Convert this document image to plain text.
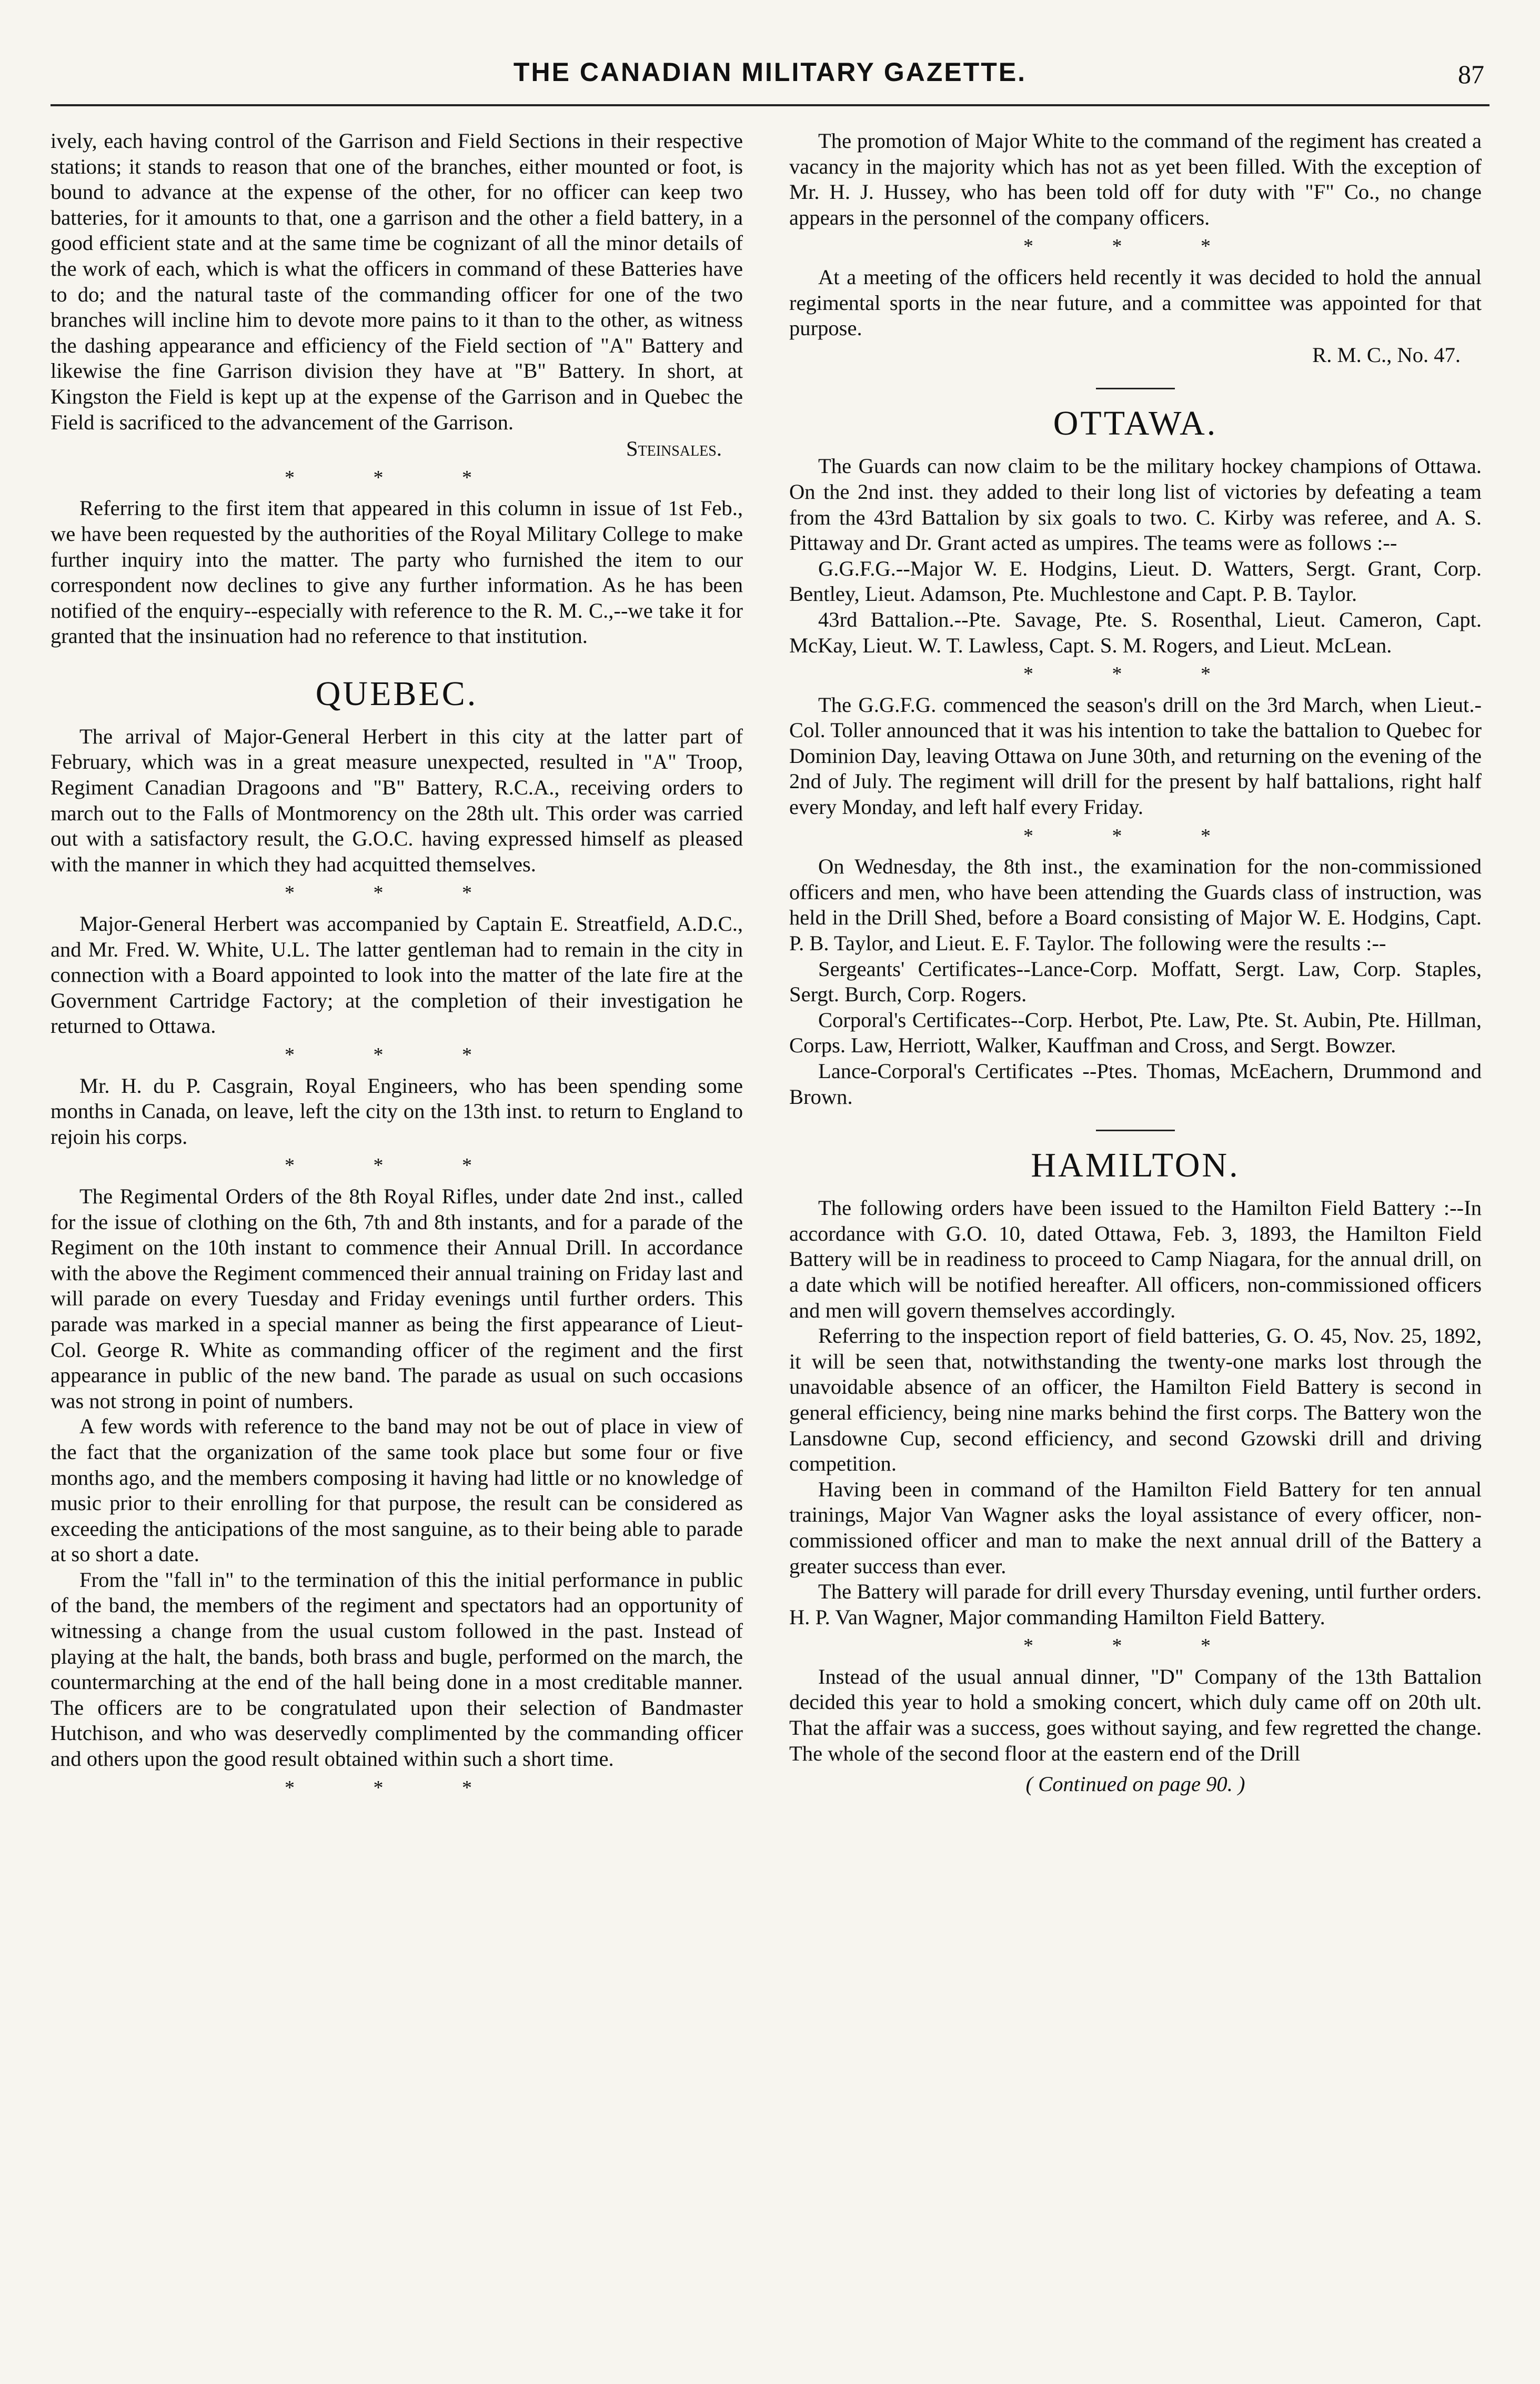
THE CANADIAN MILITARY GAZETTE.	87

ively, each having control of the Garrison and Field Sections in their respective stations; it stands to reason that one of the branches, either mounted or foot, is bound to advance at the expense of the other, for no officer can keep two batteries, for it amounts to that, one a garrison and the other a field battery, in a good efficient state and at the same time be cognizant of all the minor details of the work of each, which is what the officers in command of these Batteries have to do; and the natural taste of the commanding officer for one of the two branches will incline him to devote more pains to it than to the other, as witness the dashing appearance and efficiency of the Field section of "A" Battery and likewise the fine Garrison division they have at "B" Battery. In short, at Kingston the Field is kept up at the expense of the Garrison and in Quebec the Field is sacrificed to the advancement of the Garrison.

Steinsales.
* * *

Referring to the first item that appeared in this column in issue of 1st Feb., we have been requested by the authorities of the Royal Military College to make further inquiry into the matter. The party who furnished the item to our correspondent now declines to give any further information. As he has been notified of the enquiry--especially with reference to the R. M. C.,--we take it for granted that the insinuation had no reference to that institution.

QUEBEC.

The arrival of Major-General Herbert in this city at the latter part of February, which was in a great measure unexpected, resulted in "A" Troop, Regiment Canadian Dragoons and "B" Battery, R.C.A., receiving orders to march out to the Falls of Montmorency on the 28th ult. This order was carried out with a satisfactory result, the G.O.C. having expressed himself as pleased with the manner in which they had acquitted themselves.

* * *

Major-General Herbert was accompanied by Captain E. Streatfield, A.D.C., and Mr. Fred. W. White, U.L. The latter gentleman had to remain in the city in connection with a Board appointed to look into the matter of the late fire at the Government Cartridge Factory; at the completion of their investigation he returned to Ottawa.

* * *

Mr. H. du P. Casgrain, Royal Engineers, who has been spending some months in Canada, on leave, left the city on the 13th inst. to return to England to rejoin his corps.

* * *

The Regimental Orders of the 8th Royal Rifles, under date 2nd inst., called for the issue of clothing on the 6th, 7th and 8th instants, and for a parade of the Regiment on the 10th instant to commence their Annual Drill. In accordance with the above the Regiment commenced their annual training on Friday last and will parade on every Tuesday and Friday evenings until further orders. This parade was marked in a special manner as being the first appearance of Lieut-Col. George R. White as commanding officer of the regiment and the first appearance in public of the new band. The parade as usual on such occasions was not strong in point of numbers.

A few words with reference to the band may not be out of place in view of the fact that the organization of the same took place but some four or five months ago, and the members composing it having had little or no knowledge of music prior to their enrolling for that purpose, the result can be considered as exceeding the anticipations of the most sanguine, as to their being able to parade at so short a date.

From the "fall in" to the termination of this the initial performance in public of the band, the members of the regiment and spectators had an opportunity of witnessing a change from the usual custom followed in the past. Instead of playing at the halt, the bands, both brass and bugle, performed on the march, the countermarching at the end of the hall being done in a most creditable manner. The officers are to be congratulated upon their selection of Bandmaster Hutchison, and who was deservedly complimented by the commanding officer and others upon the good result obtained within such a short time.

* * *

The promotion of Major White to the command of the regiment has created a vacancy in the majority which has not as yet been filled. With the exception of Mr. H. J. Hussey, who has been told off for duty with "F" Co., no change appears in the personnel of the company officers.

* * *

At a meeting of the officers held recently it was decided to hold the annual regimental sports in the near future, and a committee was appointed for that purpose.

R. M. C., No. 47.
OTTAWA.

The Guards can now claim to be the military hockey champions of Ottawa. On the 2nd inst. they added to their long list of victories by defeating a team from the 43rd Battalion by six goals to two. C. Kirby was referee, and A. S. Pittaway and Dr. Grant acted as umpires. The teams were as follows :--

G.G.F.G.--Major W. E. Hodgins, Lieut. D. Watters, Sergt. Grant, Corp. Bentley, Lieut. Adamson, Pte. Muchlestone and Capt. P. B. Taylor.

43rd Battalion.--Pte. Savage, Pte. S. Rosenthal, Lieut. Cameron, Capt. McKay, Lieut. W. T. Lawless, Capt. S. M. Rogers, and Lieut. McLean.

* * *

The G.G.F.G. commenced the season's drill on the 3rd March, when Lieut.-Col. Toller announced that it was his intention to take the battalion to Quebec for Dominion Day, leaving Ottawa on June 30th, and returning on the evening of the 2nd of July. The regiment will drill for the present by half battalions, right half every Monday, and left half every Friday.

* * *

On Wednesday, the 8th inst., the examination for the non-commissioned officers and men, who have been attending the Guards class of instruction, was held in the Drill Shed, before a Board consisting of Major W. E. Hodgins, Capt. P. B. Taylor, and Lieut. E. F. Taylor. The following were the results :--

Sergeants' Certificates--Lance-Corp. Moffatt, Sergt. Law, Corp. Staples, Sergt. Burch, Corp. Rogers.

Corporal's Certificates--Corp. Herbot, Pte. Law, Pte. St. Aubin, Pte. Hillman, Corps. Law, Herriott, Walker, Kauffman and Cross, and Sergt. Bowzer.

Lance-Corporal's Certificates --Ptes. Thomas, McEachern, Drummond and Brown.

HAMILTON.

The following orders have been issued to the Hamilton Field Battery :--In accordance with G.O. 10, dated Ottawa, Feb. 3, 1893, the Hamilton Field Battery will be in readiness to proceed to Camp Niagara, for the annual drill, on a date which will be notified hereafter. All officers, non-commissioned officers and men will govern themselves accordingly.

Referring to the inspection report of field batteries, G. O. 45, Nov. 25, 1892, it will be seen that, notwithstanding the twenty-one marks lost through the unavoidable absence of an officer, the Hamilton Field Battery is second in general efficiency, being nine marks behind the first corps. The Battery won the Lansdowne Cup, second efficiency, and second Gzowski drill and driving competition.

Having been in command of the Hamilton Field Battery for ten annual trainings, Major Van Wagner asks the loyal assistance of every officer, non-commissioned officer and man to make the next annual drill of the Battery a greater success than ever.

The Battery will parade for drill every Thursday evening, until further orders. H. P. Van Wagner, Major commanding Hamilton Field Battery.

* * *

Instead of the usual annual dinner, "D" Company of the 13th Battalion decided this year to hold a smoking concert, which duly came off on 20th ult. That the affair was a success, goes without saying, and few regretted the change. The whole of the second floor at the eastern end of the Drill

( Continued on page 90. )
